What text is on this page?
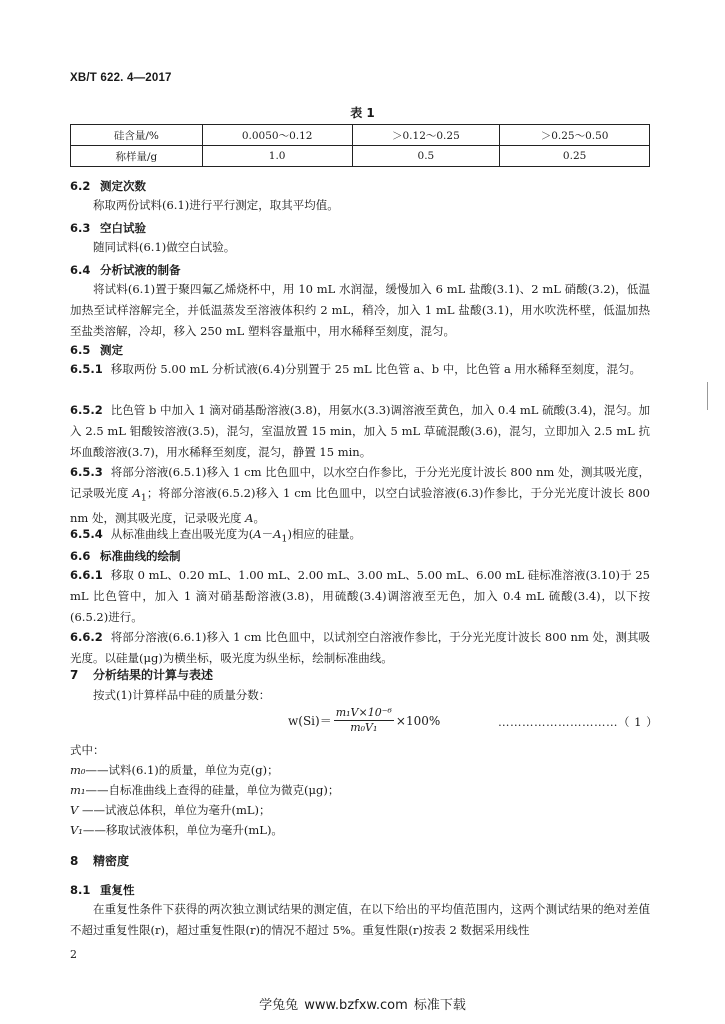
XB/T 622. 4—2017
表 1
硅含量/%	0.0050～0.12	＞0.12～0.25	＞0.25～0.50
称样量/g	1.0	0.5	0.25
6.2 测定次数
称取两份试料(6.1)进行平行测定，取其平均值。
6.3 空白试验
随同试料(6.1)做空白试验。
6.4 分析试液的制备
将试料(6.1)置于聚四氟乙烯烧杯中，用 10 mL 水润湿，缓慢加入 6 mL 盐酸(3.1)、2 mL 硝酸(3.2)，低温加热至试样溶解完全，并低温蒸发至溶液体积约 2 mL，稍冷，加入 1 mL 盐酸(3.1)，用水吹洗杯壁，低温加热至盐类溶解，冷却，移入 250 mL 塑料容量瓶中，用水稀释至刻度，混匀。
6.5 测定
6.5.1 移取两份 5.00 mL 分析试液(6.4)分别置于 25 mL 比色管 a、b 中，比色管 a 用水稀释至刻度，混匀。
6.5.2 比色管 b 中加入 1 滴对硝基酚溶液(3.8)，用氨水(3.3)调溶液至黄色，加入 0.4 mL 硫酸(3.4)，混匀。加入 2.5 mL 钼酸铵溶液(3.5)，混匀，室温放置 15 min，加入 5 mL 草硫混酸(3.6)，混匀，立即加入 2.5 mL 抗坏血酸溶液(3.7)，用水稀释至刻度，混匀，静置 15 min。
6.5.3 将部分溶液(6.5.1)移入 1 cm 比色皿中，以水空白作参比，于分光光度计波长 800 nm 处，测其吸光度，记录吸光度 $A_1$；将部分溶液(6.5.2)移入 1 cm 比色皿中，以空白试验溶液(6.3)作参比，于分光光度计波长 800 nm 处，测其吸光度，记录吸光度 A。
6.5.4 从标准曲线上查出吸光度为$(A-A_1)$相应的硅量。
6.6 标准曲线的绘制
6.6.1 移取 0 mL、0.20 mL、1.00 mL、2.00 mL、3.00 mL、5.00 mL、6.00 mL 硅标准溶液(3.10)于 25 mL 比色管中，加入 1 滴对硝基酚溶液(3.8)，用硫酸(3.4)调溶液至无色，加入 0.4 mL 硫酸(3.4)，以下按(6.5.2)进行。
6.6.2 将部分溶液(6.6.1)移入 1 cm 比色皿中，以试剂空白溶液作参比，于分光光度计波长 800 nm 处，测其吸光度。以硅量(μg)为横坐标，吸光度为纵坐标，绘制标准曲线。
7 分析结果的计算与表述
按式(1)计算样品中硅的质量分数：
$w(Si)= \frac{\text{m₁V×10⁻⁶}}{\text{m₀V₁}} \times 100\%$	…………………………（ 1 ）
式中：
m₀——试料(6.1)的质量，单位为克(g)；
m₁——自标准曲线上查得的硅量，单位为微克(μg)；
V ——试液总体积，单位为毫升(mL)；
V₁——移取试液体积，单位为毫升(mL)。
8 精密度
8.1 重复性
在重复性条件下获得的两次独立测试结果的测定值，在以下给出的平均值范围内，这两个测试结果的绝对差值不超过重复性限(r)，超过重复性限(r)的情况不超过 5%。重复性限(r)按表 2 数据采用线性
2
学兔兔 www.bzfxw.com 标准下载
